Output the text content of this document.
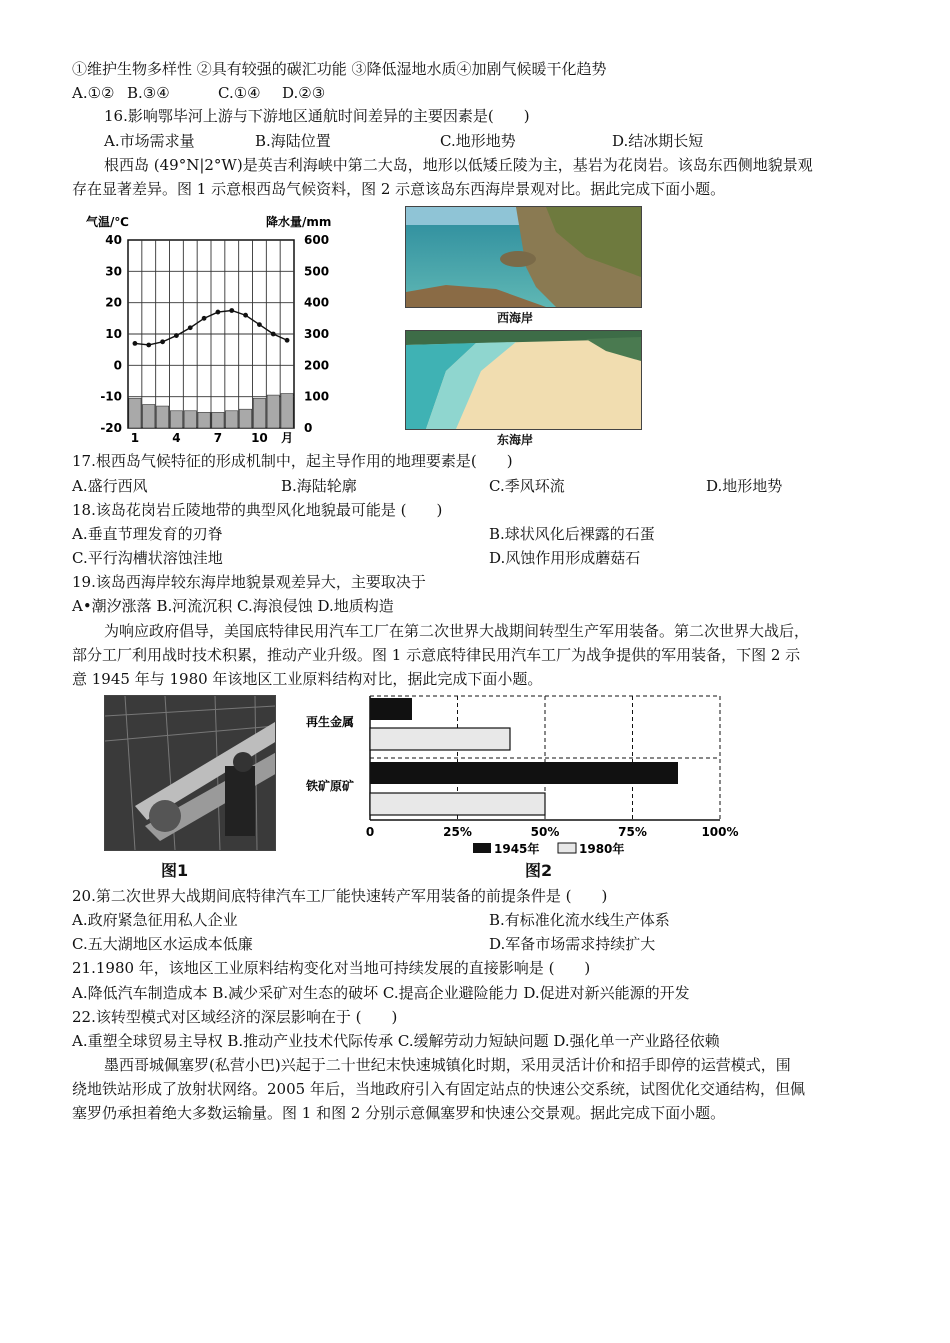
①维护生物多样性 ②具有较强的碳汇功能 ③降低湿地水质④加剧气候暖干化趋势
A.①② B.③④	C.①④ D.②③
16.影响鄂毕河上游与下游地区通航时间差异的主要因素是(　　)
A.市场需求量	B.海陆位置	C.地形地势	D.结冰期长短
根西岛 (49°N|2°W)是英吉利海峡中第二大岛，地形以低矮丘陵为主，基岩为花岗岩。该岛东西侧地貌景观
存在显著差异。图 1 示意根西岛气候资料，图 2 示意该岛东西海岸景观对比。据此完成下面小题。
气温/℃	降水量/mm
40
30
20
10
0
-10
-20
600
500
400
300
200
100
0
1	4	7 10 月
西海岸
东海岸
17.根西岛气候特征的形成机制中，起主导作用的地理要素是(　　)
A.盛行西风	B.海陆轮廓	C.季风环流	D.地形地势
18.该岛花岗岩丘陵地带的典型风化地貌最可能是 (　　)
A.垂直节理发育的刃脊	B.球状风化后裸露的石蛋
C.平行沟槽状溶蚀洼地	D.风蚀作用形成蘑菇石
19.该岛西海岸较东海岸地貌景观差异大，主要取决于
A•潮汐涨落 B.河流沉积 C.海浪侵蚀 D.地质构造
为响应政府倡导，美国底特律民用汽车工厂在第二次世界大战期间转型生产军用装备。第二次世界大战后，
部分工厂利用战时技术积累，推动产业升级。图 1 示意底特律民用汽车工厂为战争提供的军用装备，下图 2 示
意 1945 年与 1980 年该地区工业原料结构对比，据此完成下面小题。
图1
再生金属
铁矿原矿
0	25%	50%	75%	100%
1945年	1980年
图2
20.第二次世界大战期间底特律汽车工厂能快速转产军用装备的前提条件是 (　　)
A.政府紧急征用私人企业	B.有标准化流水线生产体系
C.五大湖地区水运成本低廉	D.军备市场需求持续扩大
21.1980 年，该地区工业原料结构变化对当地可持续发展的直接影响是 (　　)
A.降低汽车制造成本 B.减少采矿对生态的破坏 C.提高企业避险能力 D.促进对新兴能源的开发
22.该转型模式对区域经济的深层影响在于 (　　)
A.重塑全球贸易主导权 B.推动产业技术代际传承 C.缓解劳动力短缺问题 D.强化单一产业路径依赖
墨西哥城佩塞罗(私营小巴)兴起于二十世纪末快速城镇化时期，采用灵活计价和招手即停的运营模式，围
绕地铁站形成了放射状网络。2005 年后，当地政府引入有固定站点的快速公交系统，试图优化交通结构，但佩
塞罗仍承担着绝大多数运输量。图 1 和图 2 分别示意佩塞罗和快速公交景观。据此完成下面小题。
